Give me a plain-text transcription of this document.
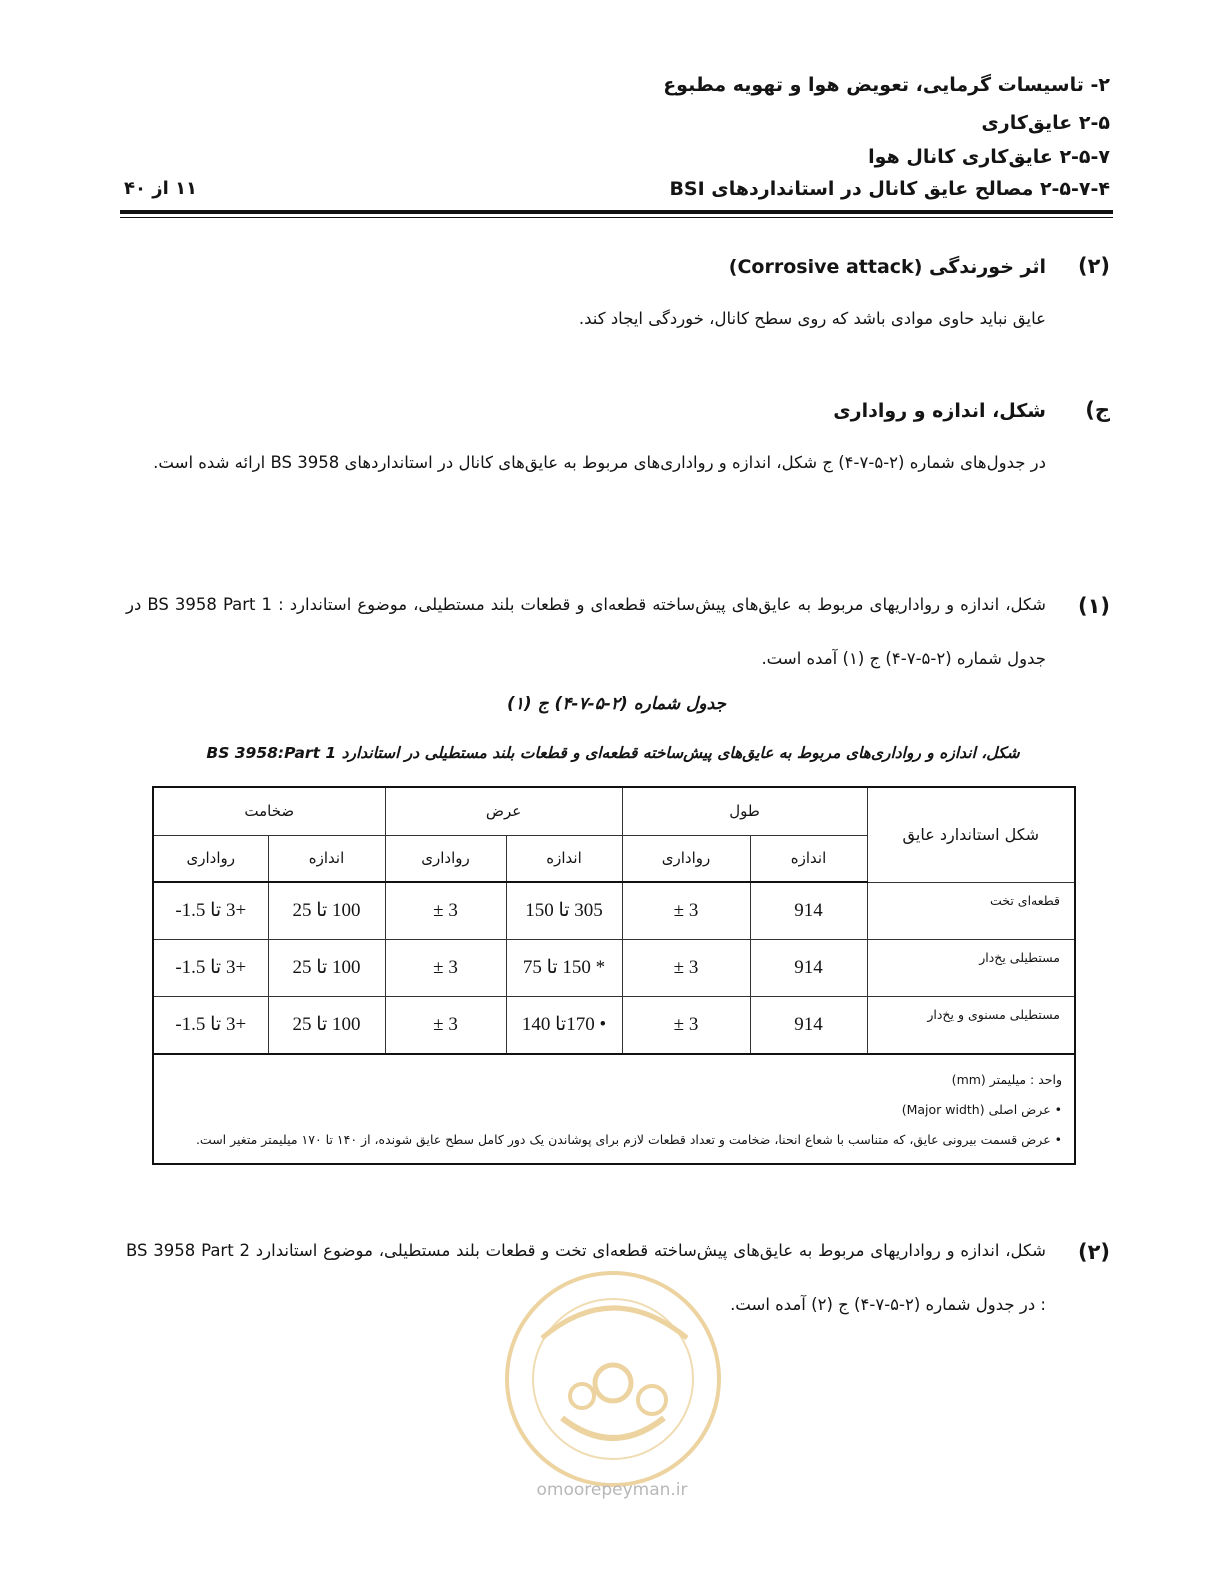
۲- تاسیسات گرمایی، تعویض هوا و تهویه مطبوع
۲-۵ عایق‌کاری
۲-۵-۷ عایق‌کاری کانال هوا
۲-۵-۷-۴ مصالح عایق کانال در استانداردهای BSI
۱۱ از ۴۰
(۲)
اثر خورندگی (Corrosive attack)
عایق نباید حاوی موادی باشد که روی سطح کانال، خوردگی ایجاد کند.
ج)
شکل، اندازه و رواداری
در جدول‌های شماره (۲-۵-۷-۴) ج شکل، اندازه و رواداری‌های مربوط به عایق‌های کانال در استانداردهای BS 3958 ارائه شده است.
(۱)
شکل، اندازه و رواداریهای مربوط به عایق‌های پیش‌ساخته قطعه‌ای و قطعات بلند مستطیلی، موضوع استاندارد : BS 3958 Part 1 در جدول شماره (۲-۵-۷-۴) ج (۱) آمده است.
جدول شماره (۲-۵-۷-۴) ج (۱)
شکل، اندازه و رواداری‌های مربوط به عایق‌های پیش‌ساخته قطعه‌ای و قطعات بلند مستطیلی در استاندارد BS 3958:Part 1
شکل استاندارد عایق	طول		عرض		ضخامت	
	اندازه	رواداری	اندازه	رواداری	اندازه	رواداری
قطعه‌ای تخت	914	3 ±	305 تا 150	3 ±	100 تا 25	+3 تا 1.5-
مستطیلی یخ‌دار	914	3 ±	* 150 تا 75	3 ±	100 تا 25	+3 تا 1.5-
مستطیلی مسنوی و یخ‌دار	914	3 ±	• 170تا 140	3 ±	100 تا 25	+3 تا 1.5-

واحد : میلیمتر (mm)
• عرض اصلی (Major width)
• عرض قسمت بیرونی عایق، که متناسب با شعاع انحنا، ضخامت و تعداد قطعات لازم برای پوشاندن یک دور کامل سطح عایق شونده، از ۱۴۰ تا ۱۷۰ میلیمتر متغیر است.						
(۲)
شکل، اندازه و رواداریهای مربوط به عایق‌های پیش‌ساخته قطعه‌ای تخت و قطعات بلند مستطیلی، موضوع استاندارد BS 3958 Part 2 : در جدول شماره (۲-۵-۷-۴) ج (۲) آمده است.
omoorepeyman.ir
